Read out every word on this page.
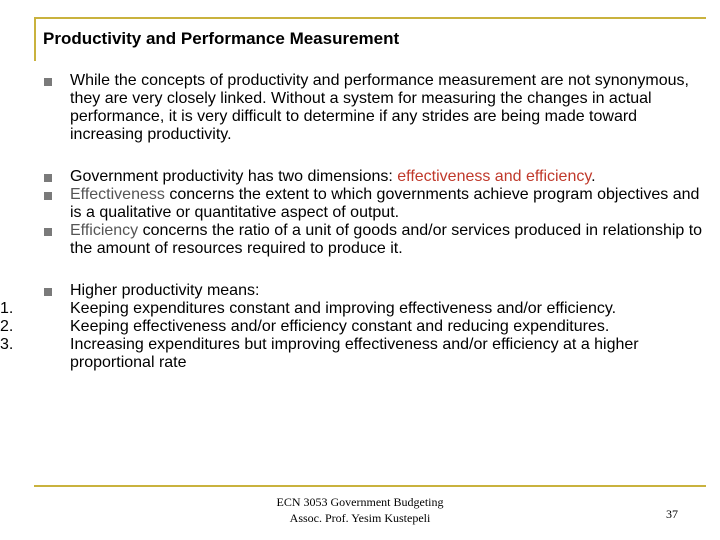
Productivity and Performance Measurement
While the concepts of productivity and performance measurement are not synonymous, they are very closely linked. Without a system for measuring the changes in actual performance, it is very difficult to determine if any strides are being made toward increasing productivity.
Government productivity has two dimensions: effectiveness and efficiency.
Effectiveness concerns the extent to which governments achieve program objectives and is a qualitative or quantitative aspect of output.
Efficiency concerns the ratio of a unit of goods and/or services produced in relationship to the amount of resources required to produce it.
Higher productivity means:
1.	Keeping expenditures constant and improving effectiveness and/or efficiency.
2.	Keeping effectiveness and/or efficiency constant and reducing expenditures.
3.	Increasing expenditures but improving effectiveness and/or efficiency at a higher proportional rate
ECN 3053 Government Budgeting
Assoc. Prof. Yesim Kustepeli	37
